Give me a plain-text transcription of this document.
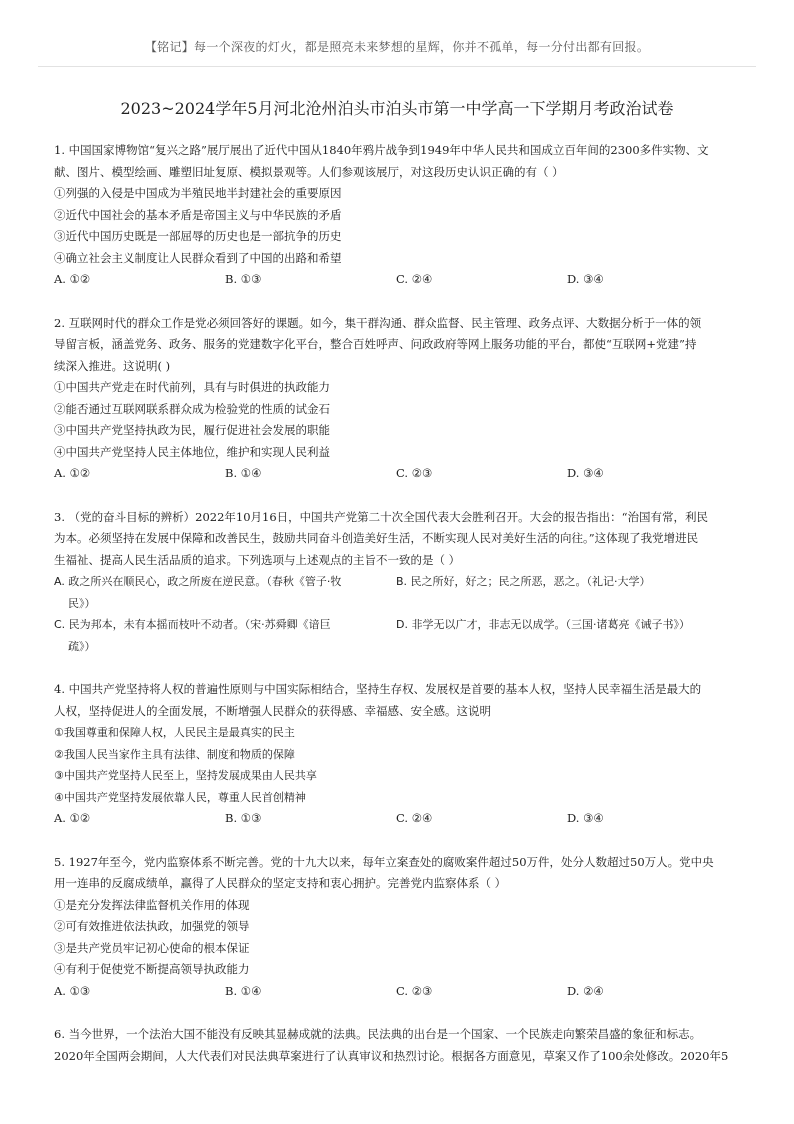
【铭记】每一个深夜的灯火，都是照亮未来梦想的星辉，你并不孤单，每一分付出都有回报。
2023~2024学年5月河北沧州泊头市泊头市第一中学高一下学期月考政治试卷
1. 中国国家博物馆“复兴之路”展厅展出了近代中国从1840年鸦片战争到1949年中华人民共和国成立百年间的2300多件实物、文
献、图片、模型绘画、雕塑旧址复原、模拟景观等。人们参观该展厅，对这段历史认识正确的有（ ）
①列强的入侵是中国成为半殖民地半封建社会的重要原因
②近代中国社会的基本矛盾是帝国主义与中华民族的矛盾
③近代中国历史既是一部屈辱的历史也是一部抗争的历史
④确立社会主义制度让人民群众看到了中国的出路和希望
A. ①②	B. ①③	C. ②④	D. ③④
2. 互联网时代的群众工作是党必须回答好的课题。如今，集干群沟通、群众监督、民主管理、政务点评、大数据分析于一体的领
导留言板，涵盖党务、政务、服务的党建数字化平台，整合百姓呼声、问政政府等网上服务功能的平台，都使“互联网+党建”持
续深入推进。这说明( )
①中国共产党走在时代前列，具有与时俱进的执政能力
②能否通过互联网联系群众成为检验党的性质的试金石
③中国共产党坚持执政为民，履行促进社会发展的职能
④中国共产党坚持人民主体地位，维护和实现人民利益
A. ①②	B. ①④	C. ②③	D. ③④
3. （党的奋斗目标的辨析）2022年10月16日，中国共产党第二十次全国代表大会胜利召开。大会的报告指出：“治国有常，利民
为本。必须坚持在发展中保障和改善民生，鼓励共同奋斗创造美好生活，不断实现人民对美好生活的向往。”这体现了我党增进民
生福祉、提高人民生活品质的追求。下列选项与上述观点的主旨不一致的是（ ）
A. 政之所兴在顺民心，政之所废在逆民意。（春秋《管子·牧
民》）
B. 民之所好，好之；民之所恶，恶之。（礼记·大学）
C. 民为邦本，未有本摇而枝叶不动者。（宋·苏舜卿《谙巨
疏》）
D. 非学无以广才，非志无以成学。（三国·诸葛亮《诫子书》）
4. 中国共产党坚持将人权的普遍性原则与中国实际相结合，坚持生存权、发展权是首要的基本人权，坚持人民幸福生活是最大的
人权，坚持促进人的全面发展，不断增强人民群众的获得感、幸福感、安全感。这说明
①我国尊重和保障人权，人民民主是最真实的民主
②我国人民当家作主具有法律、制度和物质的保障
③中国共产党坚持人民至上，坚持发展成果由人民共享
④中国共产党坚持发展依靠人民，尊重人民首创精神
A. ①②	B. ①③	C. ②④	D. ③④
5. 1927年至今，党内监察体系不断完善。党的十九大以来，每年立案查处的腐败案件超过50万件，处分人数超过50万人。党中央
用一连串的反腐成绩单，赢得了人民群众的坚定支持和衷心拥护。完善党内监察体系（ ）
①是充分发挥法律监督机关作用的体现
②可有效推进依法执政，加强党的领导
③是共产党员牢记初心使命的根本保证
④有利于促使党不断提高领导执政能力
A. ①③	B. ①④	C. ②③	D. ②④
6. 当今世界，一个法治大国不能没有反映其显赫成就的法典。民法典的出台是一个国家、一个民族走向繁荣昌盛的象征和标志。
2020年全国两会期间，人大代表们对民法典草案进行了认真审议和热烈讨论。根据各方面意见，草案又作了100余处修改。2020年5
